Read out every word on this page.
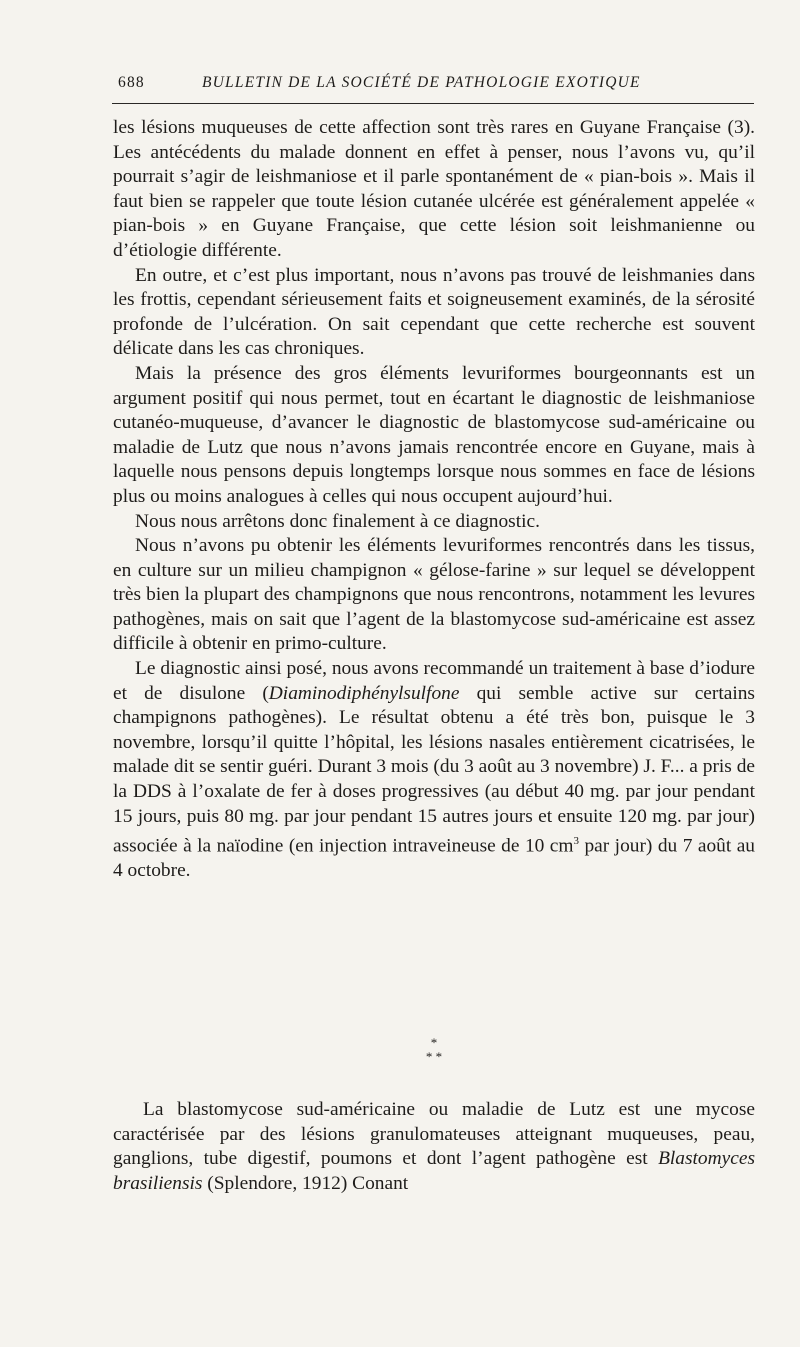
688	BULLETIN DE LA SOCIÉTÉ DE PATHOLOGIE EXOTIQUE

les lésions muqueuses de cette affection sont très rares en Guyane Française (3). Les antécédents du malade donnent en effet à penser, nous l’avons vu, qu’il pourrait s’agir de leishmaniose et il parle spontanément de « pian-bois ». Mais il faut bien se rappeler que toute lésion cutanée ulcérée est généralement appelée « pian-bois » en Guyane Française, que cette lésion soit leishmanienne ou d’étiologie différente.

En outre, et c’est plus important, nous n’avons pas trouvé de leishmanies dans les frottis, cependant sérieusement faits et soigneusement examinés, de la sérosité profonde de l’ulcération. On sait cependant que cette recherche est souvent délicate dans les cas chroniques.

Mais la présence des gros éléments levuriformes bourgeonnants est un argument positif qui nous permet, tout en écartant le diagnostic de leishmaniose cutanéo-muqueuse, d’avancer le diagnostic de blastomycose sud-américaine ou maladie de Lutz que nous n’avons jamais rencontrée encore en Guyane, mais à laquelle nous pensons depuis longtemps lorsque nous sommes en face de lésions plus ou moins analogues à celles qui nous occupent aujourd’hui.

Nous nous arrêtons donc finalement à ce diagnostic.

Nous n’avons pu obtenir les éléments levuriformes rencontrés dans les tissus, en culture sur un milieu champignon « gélose-farine » sur lequel se développent très bien la plupart des champignons que nous rencontrons, notamment les levures pathogènes, mais on sait que l’agent de la blastomycose sud-américaine est assez difficile à obtenir en primo-culture.

Le diagnostic ainsi posé, nous avons recommandé un traitement à base d’iodure et de disulone (Diaminodiphénylsulfone qui semble active sur certains champignons pathogènes). Le résultat obtenu a été très bon, puisque le 3 novembre, lorsqu’il quitte l’hôpital, les lésions nasales entièrement cicatrisées, le malade dit se sentir guéri. Durant 3 mois (du 3 août au 3 novembre) J. F... a pris de la DDS à l’oxalate de fer à doses progressives (au début 40 mg. par jour pendant 15 jours, puis 80 mg. par jour pendant 15 autres jours et ensuite 120 mg. par jour) associée à la naïodine (en injection intraveineuse de 10 $cm^3$ par jour) du 7 août au 4 octobre.

*
* *

La blastomycose sud-américaine ou maladie de Lutz est une mycose caractérisée par des lésions granulomateuses atteignant muqueuses, peau, ganglions, tube digestif, poumons et dont l’agent pathogène est Blastomyces brasiliensis (Splendore, 1912) Conant
